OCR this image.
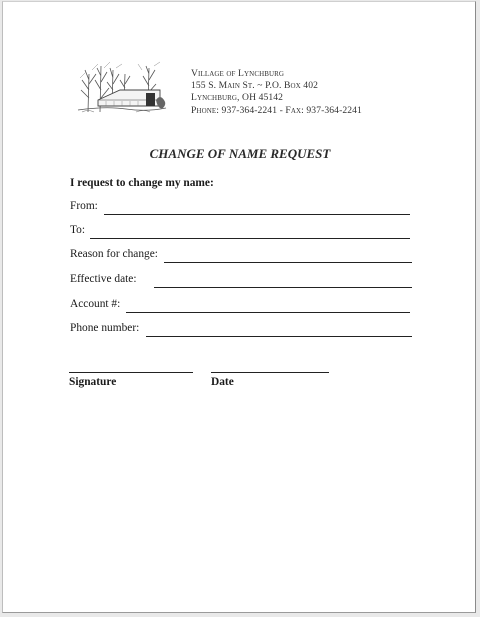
Village of Lynchburg
155 S. Main St. ~ P.O. Box 402
Lynchburg, OH 45142
Phone: 937-364-2241 - Fax: 937-364-2241
CHANGE OF NAME REQUEST
I request to change my name:
From:
To:
Reason for change:
Effective date:
Account #:
Phone number:
Signature	Date
